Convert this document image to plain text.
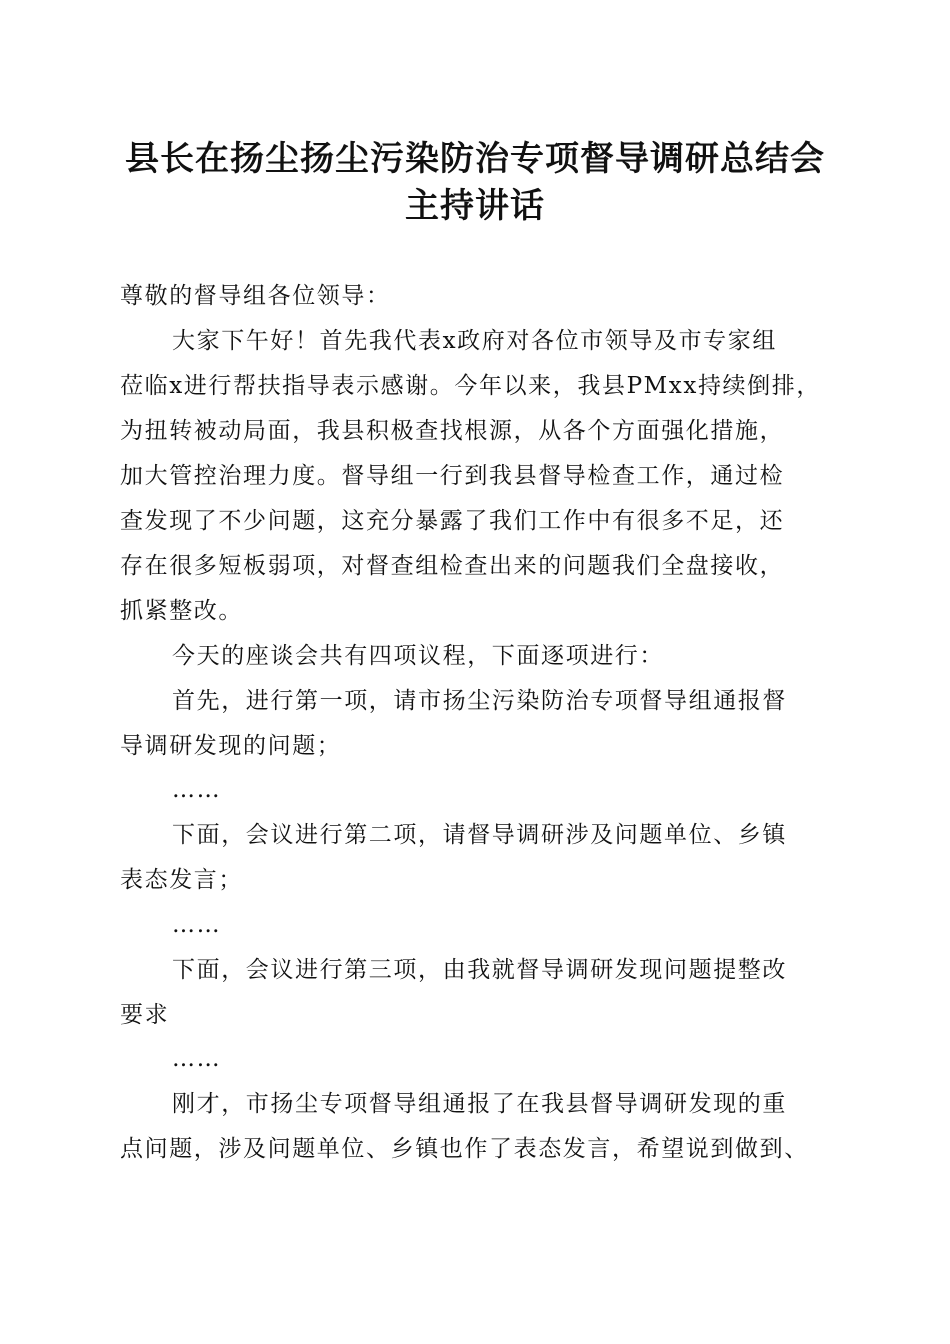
县长在扬尘扬尘污染防治专项督导调研总结会
主持讲话
尊敬的督导组各位领导：
大家下午好！首先我代表x政府对各位市领导及市专家组
莅临x进行帮扶指导表示感谢。今年以来，我县PMxx持续倒排，
为扭转被动局面，我县积极查找根源，从各个方面强化措施，
加大管控治理力度。督导组一行到我县督导检查工作，通过检
查发现了不少问题，这充分暴露了我们工作中有很多不足，还
存在很多短板弱项，对督查组检查出来的问题我们全盘接收，
抓紧整改。
今天的座谈会共有四项议程，下面逐项进行：
首先，进行第一项，请市扬尘污染防治专项督导组通报督
导调研发现的问题；
……
下面，会议进行第二项，请督导调研涉及问题单位、乡镇
表态发言；
……
下面，会议进行第三项，由我就督导调研发现问题提整改
要求
……
刚才，市扬尘专项督导组通报了在我县督导调研发现的重
点问题，涉及问题单位、乡镇也作了表态发言，希望说到做到、
